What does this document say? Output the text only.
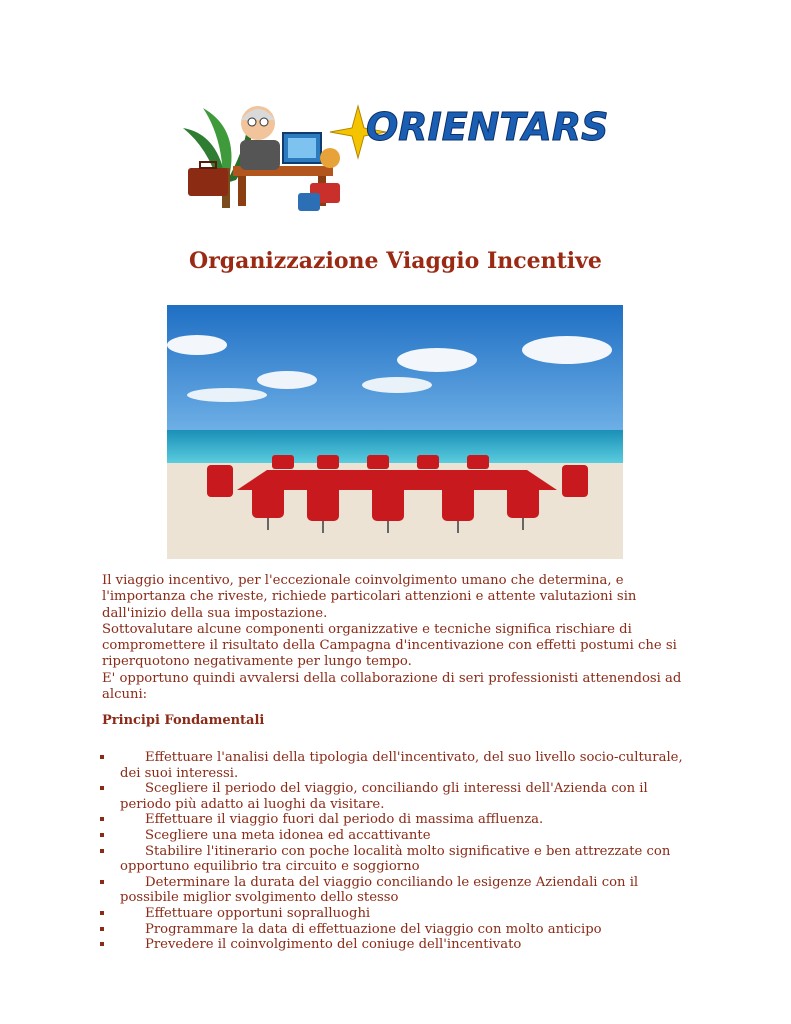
ORIENTARSI
Organizzazione Viaggio Incentive

Il viaggio incentivo, per l'eccezionale coinvolgimento umano che determina, e l'importanza che riveste, richiede particolari attenzioni e attente valutazioni sin dall'inizio della sua impostazione.

Sottovalutare alcune componenti organizzative e tecniche significa rischiare di compromettere il risultato della Campagna d'incentivazione con effetti postumi che si riperquotono negativamente per lungo tempo.

E' opportuno quindi avvalersi della collaborazione di seri professionisti attenendosi ad alcuni:

Principi Fondamentali
Effettuare l'analisi della tipologia dell'incentivato, del suo livello socio-culturale, dei suoi interessi.
Scegliere il periodo del viaggio, conciliando gli interessi dell'Azienda con il periodo più adatto ai luoghi da visitare.
Effettuare il viaggio fuori dal periodo di massima affluenza.
Scegliere una meta idonea ed accattivante
Stabilire l'itinerario con poche località molto significative e ben attrezzate con opportuno equilibrio tra circuito e soggiorno
Determinare la durata del viaggio conciliando le esigenze Aziendali con il possibile miglior svolgimento dello stesso
Effettuare opportuni sopralluoghi
Programmare la data di effettuazione del viaggio con molto anticipo
Prevedere il coinvolgimento del coniuge dell'incentivato
